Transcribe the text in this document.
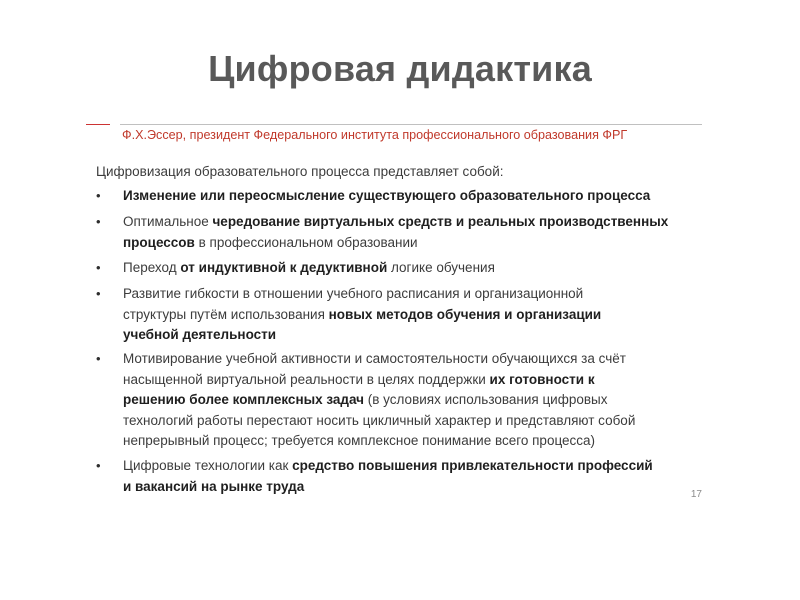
Цифровая дидактика
Ф.Х.Эссер, президент Федерального института профессионального образования ФРГ
Цифровизация образовательного процесса представляет собой:
•	Изменение или переосмысление существующего образовательного процесса
•	Оптимальное чередование виртуальных средств и реальных производственных
процессов в профессиональном образовании
•	Переход от индуктивной к дедуктивной логике обучения
•	Развитие гибкости в отношении учебного расписания и организационной
структуры путём использования новых методов обучения и организации
учебной деятельности
•	Мотивирование учебной активности и самостоятельности обучающихся за счёт
насыщенной виртуальной реальности в целях поддержки их готовности к
решению более комплексных задач (в условиях использования цифровых
технологий работы перестают носить цикличный характер и представляют собой
непрерывный процесс; требуется комплексное понимание всего процесса)
•	Цифровые технологии как средство повышения привлекательности профессий
и вакансий на рынке труда
17
